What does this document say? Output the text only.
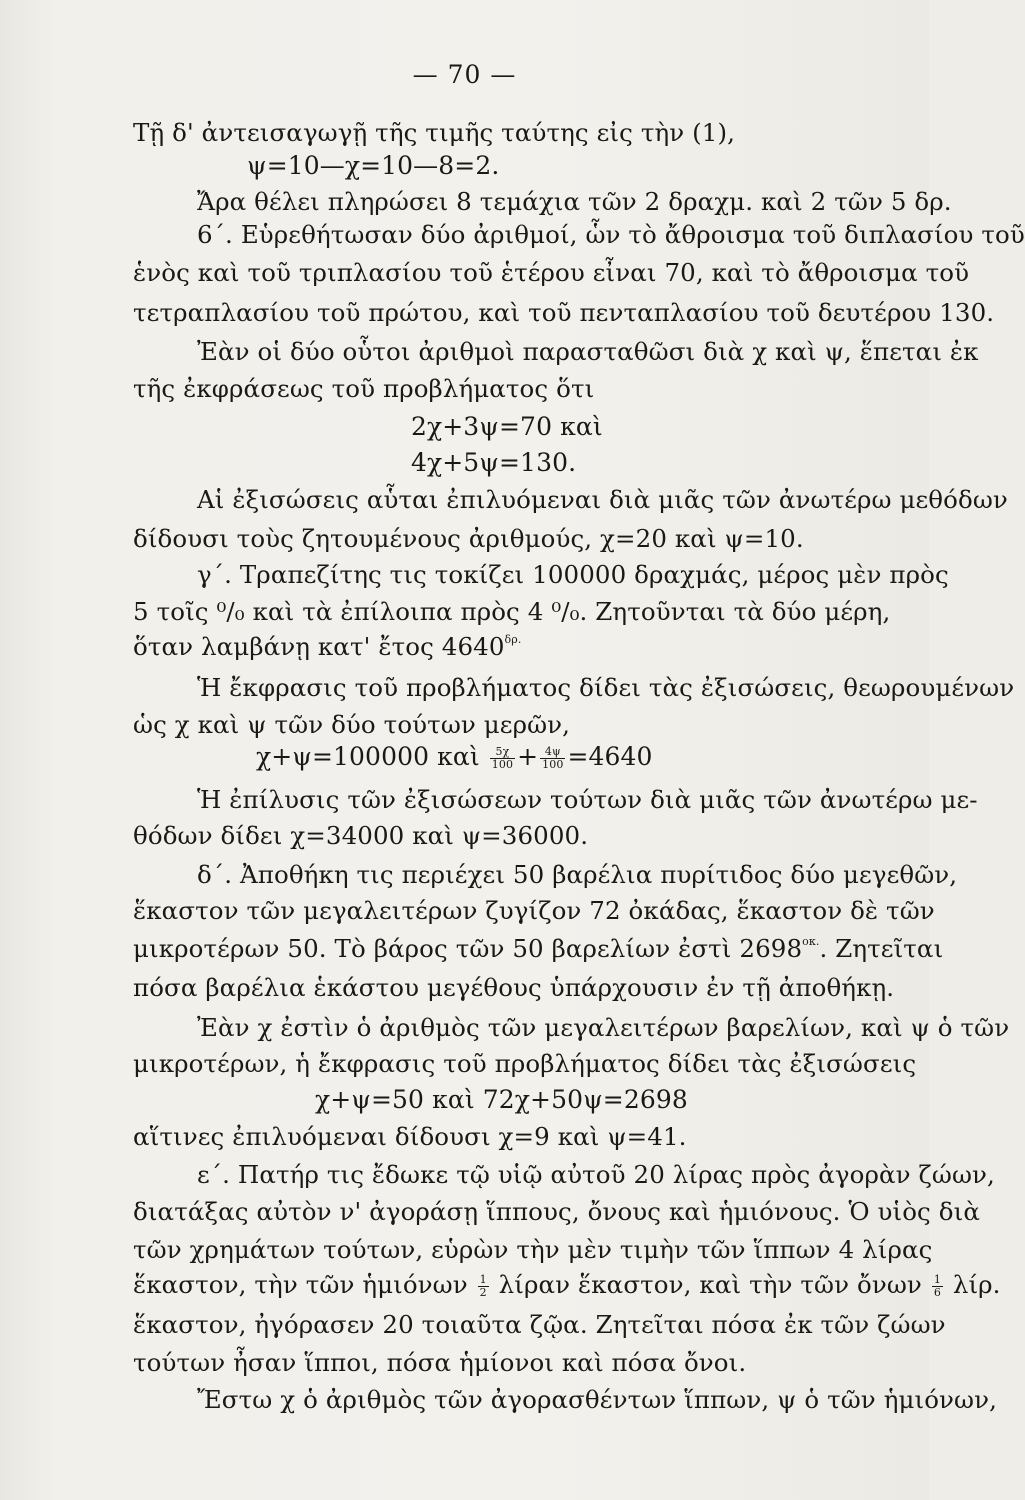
— 70 —
Τῇ δ' ἀντεισαγωγῇ τῆς τιμῆς ταύτης εἰς τὴν (1),
ψ=10—χ=10—8=2.
Ἄρα θέλει πληρώσει 8 τεμάχια τῶν 2 δραχμ. καὶ 2 τῶν 5 δρ.
6΄. Εὑρεθήτωσαν δύο ἀριθμοί, ὧν τὸ ἄθροισμα τοῦ διπλασίου τοῦ
ἑνὸς καὶ τοῦ τριπλασίου τοῦ ἑτέρου εἶναι 70, καὶ τὸ ἄθροισμα τοῦ
τετραπλασίου τοῦ πρώτου, καὶ τοῦ πενταπλασίου τοῦ δευτέρου 130.
Ἐὰν οἱ δύο οὗτοι ἀριθμοὶ παρασταθῶσι διὰ χ καὶ ψ, ἕπεται ἐκ
τῆς ἐκφράσεως τοῦ προβλήματος ὅτι
2χ+3ψ=70 καὶ
4χ+5ψ=130.
Αἱ ἐξισώσεις αὗται ἐπιλυόμεναι διὰ μιᾶς τῶν ἀνωτέρω μεθόδων
δίδουσι τοὺς ζητουμένους ἀριθμούς, χ=20 καὶ ψ=10.
γ΄. Τραπεζίτης τις τοκίζει 100000 δραχμάς, μέρος μὲν πρὸς
5 τοῖς ⁰/₀ καὶ τὰ ἐπίλοιπα πρὸς 4 ⁰/₀. Ζητοῦνται τὰ δύο μέρη,
ὅταν λαμβάνῃ κατ' ἔτος $4640^{\delta\rho.}$
Ἡ ἔκφρασις τοῦ προβλήματος δίδει τὰς ἐξισώσεις, θεωρουμένων
ὡς χ καὶ ψ τῶν δύο τούτων μερῶν,
χ+ψ=100000 καὶ $\frac{5\chi}{100} + \frac{4\psi}{100} =4640$
Ἡ ἐπίλυσις τῶν ἐξισώσεων τούτων διὰ μιᾶς τῶν ἀνωτέρω με-
θόδων δίδει χ=34000 καὶ ψ=36000.
δ΄. Ἀποθήκη τις περιέχει 50 βαρέλια πυρίτιδος δύο μεγεθῶν,
ἕκαστον τῶν μεγαλειτέρων ζυγίζον 72 ὀκάδας, ἕκαστον δὲ τῶν
μικροτέρων 50. Τὸ βάρος τῶν 50 βαρελίων ἐστὶ $2698^{o\kappa.}$. Ζητεῖται
πόσα βαρέλια ἑκάστου μεγέθους ὑπάρχουσιν ἐν τῇ ἀποθήκῃ.
Ἐὰν χ ἐστὶν ὁ ἀριθμὸς τῶν μεγαλειτέρων βαρελίων, καὶ ψ ὁ τῶν
μικροτέρων, ἡ ἔκφρασις τοῦ προβλήματος δίδει τὰς ἐξισώσεις
χ+ψ=50 καὶ 72χ+50ψ=2698
αἵτινες ἐπιλυόμεναι δίδουσι χ=9 καὶ ψ=41.
ε΄. Πατήρ τις ἔδωκε τῷ υἱῷ αὐτοῦ 20 λίρας πρὸς ἀγορὰν ζώων,
διατάξας αὐτὸν ν' ἀγοράσῃ ἵππους, ὄνους καὶ ἡμιόνους. Ὁ υἱὸς διὰ
τῶν χρημάτων τούτων, εὑρὼν τὴν μὲν τιμὴν τῶν ἵππων 4 λίρας
ἕκαστον, τὴν τῶν ἡμιόνων $\frac{1}{2}$ λίραν ἕκαστον, καὶ τὴν τῶν ὄνων $\frac{1}{6} \lambda ί\rho$.
ἕκαστον, ἠγόρασεν 20 τοιαῦτα ζῷα. Ζητεῖται πόσα ἐκ τῶν ζώων
τούτων ἦσαν ἵπποι, πόσα ἡμίονοι καὶ πόσα ὄνοι.
Ἔστω χ ὁ ἀριθμὸς τῶν ἀγορασθέντων ἵππων, ψ ὁ τῶν ἡμιόνων,
